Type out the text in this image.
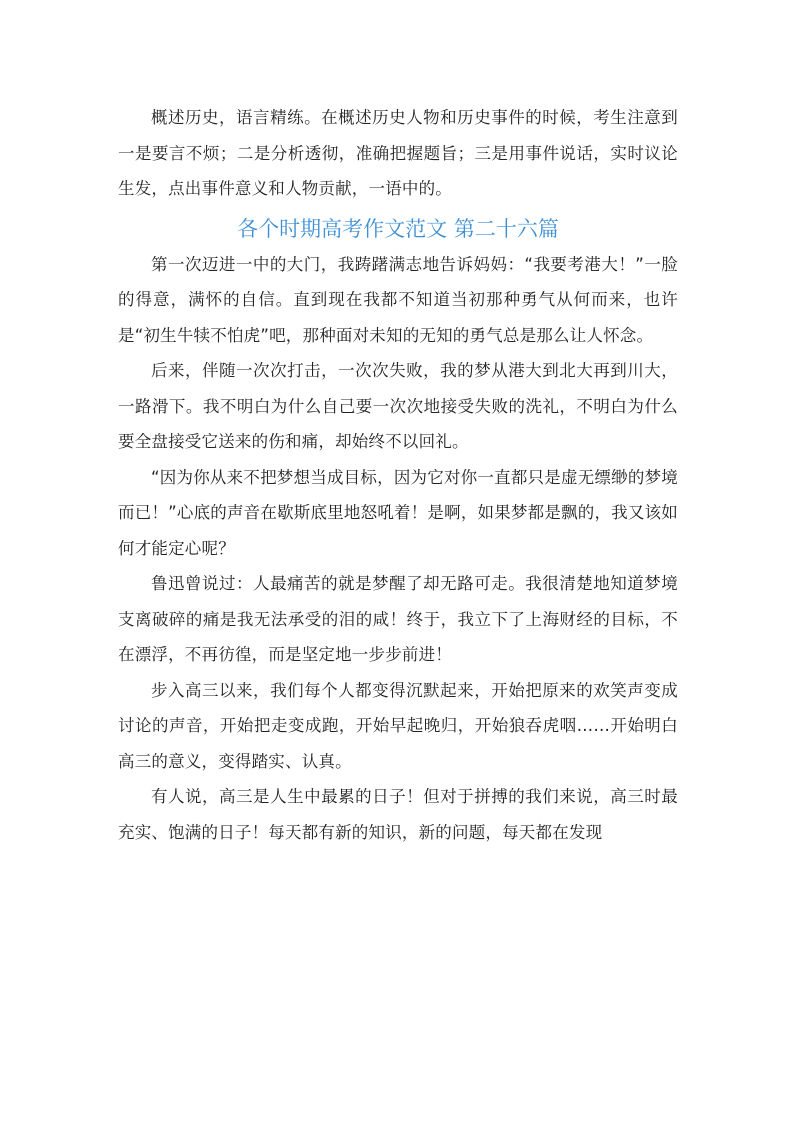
概述历史，语言精练。在概述历史人物和历史事件的时候，考生注意到一是要言不烦；二是分析透彻，准确把握题旨；三是用事件说话，实时议论生发，点出事件意义和人物贡献，一语中的。

各个时期高考作文范文 第二十六篇

第一次迈进一中的大门，我踌躇满志地告诉妈妈：“我要考港大！”一脸的得意，满怀的自信。直到现在我都不知道当初那种勇气从何而来，也许是“初生牛犊不怕虎”吧，那种面对未知的无知的勇气总是那么让人怀念。

后来，伴随一次次打击，一次次失败，我的梦从港大到北大再到川大，一路滑下。我不明白为什么自己要一次次地接受失败的洗礼，不明白为什么要全盘接受它送来的伤和痛，却始终不以回礼。

“因为你从来不把梦想当成目标，因为它对你一直都只是虚无缥缈的梦境而已！”心底的声音在歇斯底里地怒吼着！是啊，如果梦都是飘的，我又该如何才能定心呢？

鲁迅曾说过：人最痛苦的就是梦醒了却无路可走。我很清楚地知道梦境支离破碎的痛是我无法承受的泪的咸！终于，我立下了上海财经的目标，不在漂浮，不再彷徨，而是坚定地一步步前进！

步入高三以来，我们每个人都变得沉默起来，开始把原来的欢笑声变成讨论的声音，开始把走变成跑，开始早起晚归，开始狼吞虎咽……开始明白高三的意义，变得踏实、认真。

有人说，高三是人生中最累的日子！但对于拼搏的我们来说，高三时最充实、饱满的日子！每天都有新的知识，新的问题，每天都在发现
